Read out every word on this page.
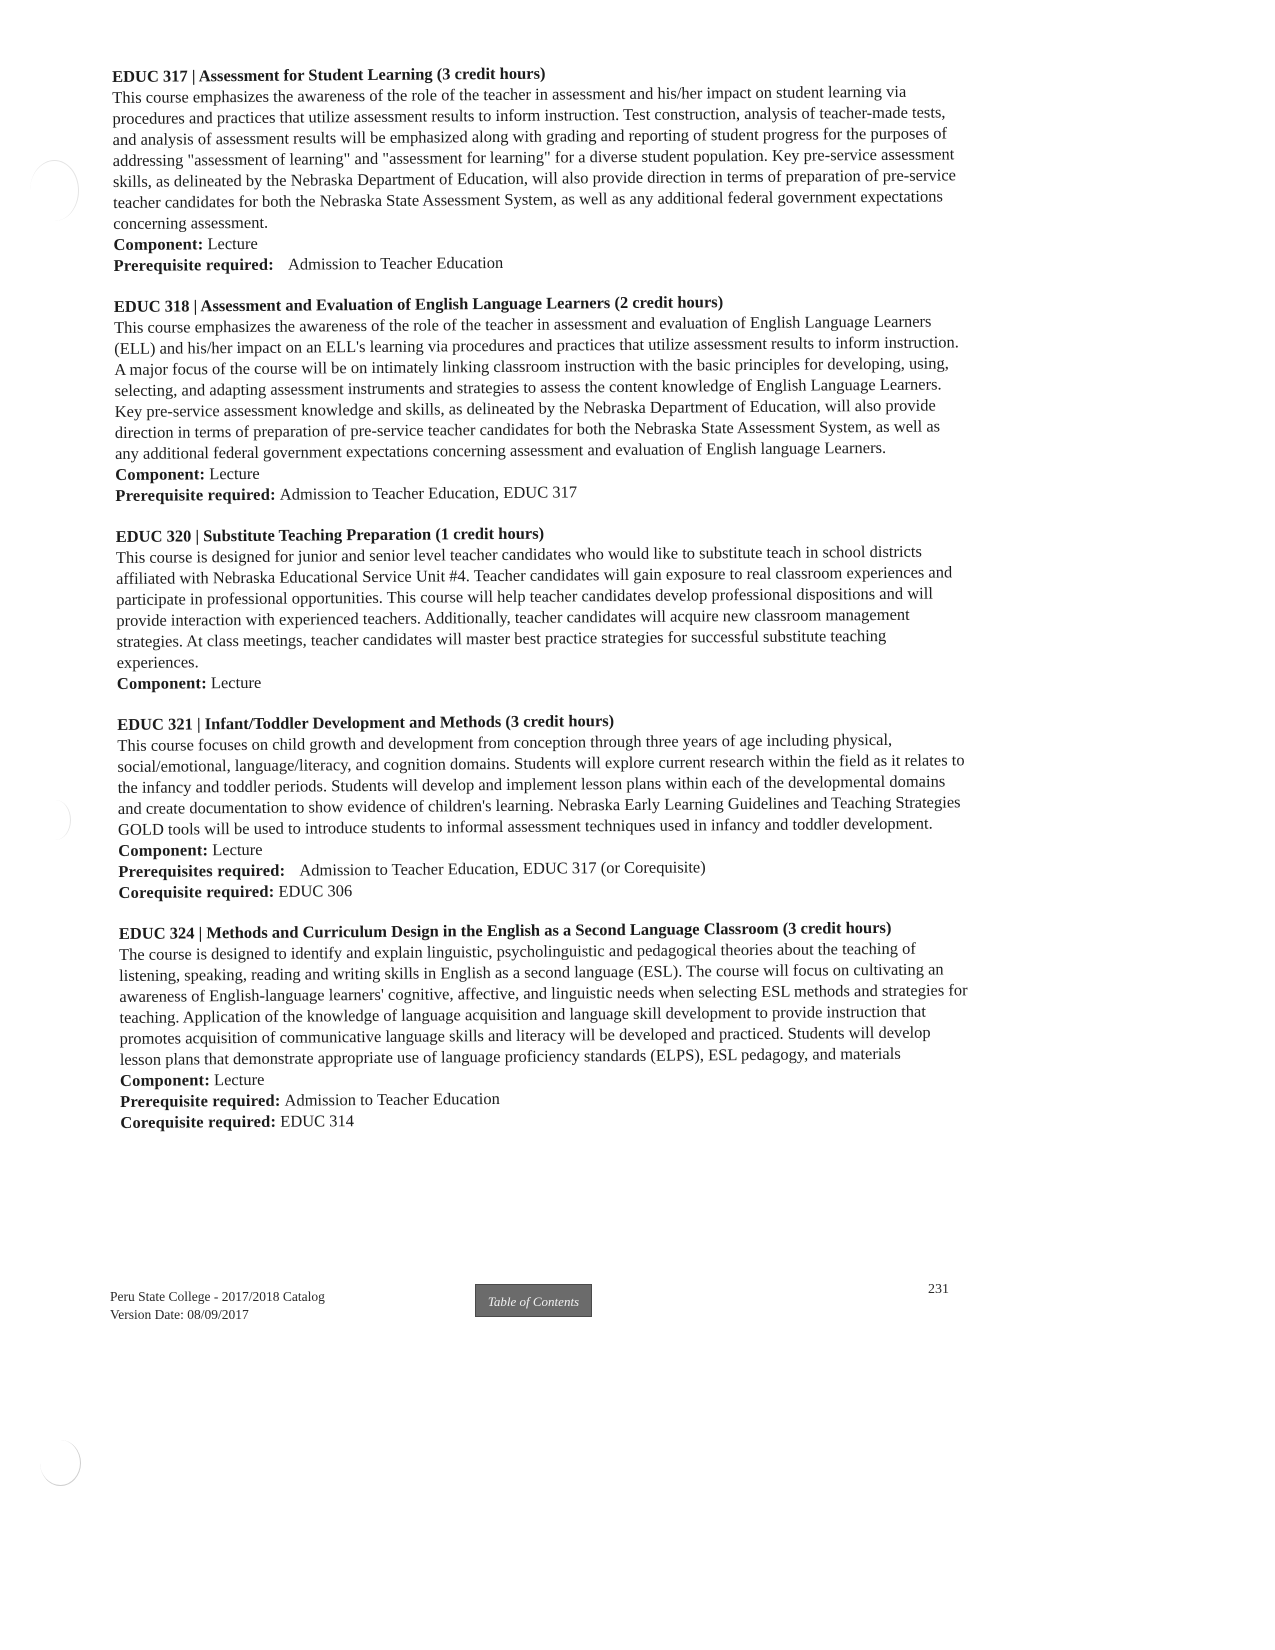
EDUC 317 | Assessment for Student Learning (3 credit hours)

This course emphasizes the awareness of the role of the teacher in assessment and his/her impact on student learning via procedures and practices that utilize assessment results to inform instruction. Test construction, analysis of teacher-made tests, and analysis of assessment results will be emphasized along with grading and reporting of student progress for the purposes of addressing "assessment of learning" and "assessment for learning" for a diverse student population. Key pre-service assessment skills, as delineated by the Nebraska Department of Education, will also provide direction in terms of preparation of pre-service teacher candidates for both the Nebraska State Assessment System, as well as any additional federal government expectations concerning assessment.

Component: Lecture

Prerequisite required: Admission to Teacher Education

EDUC 318 | Assessment and Evaluation of English Language Learners (2 credit hours)

This course emphasizes the awareness of the role of the teacher in assessment and evaluation of English Language Learners (ELL) and his/her impact on an ELL's learning via procedures and practices that utilize assessment results to inform instruction. A major focus of the course will be on intimately linking classroom instruction with the basic principles for developing, using, selecting, and adapting assessment instruments and strategies to assess the content knowledge of English Language Learners. Key pre-service assessment knowledge and skills, as delineated by the Nebraska Department of Education, will also provide direction in terms of preparation of pre-service teacher candidates for both the Nebraska State Assessment System, as well as any additional federal government expectations concerning assessment and evaluation of English language Learners.

Component: Lecture

Prerequisite required: Admission to Teacher Education, EDUC 317

EDUC 320 | Substitute Teaching Preparation (1 credit hours)

This course is designed for junior and senior level teacher candidates who would like to substitute teach in school districts affiliated with Nebraska Educational Service Unit #4. Teacher candidates will gain exposure to real classroom experiences and participate in professional opportunities. This course will help teacher candidates develop professional dispositions and will provide interaction with experienced teachers. Additionally, teacher candidates will acquire new classroom management strategies. At class meetings, teacher candidates will master best practice strategies for successful substitute teaching experiences.

Component: Lecture

EDUC 321 | Infant/Toddler Development and Methods (3 credit hours)

This course focuses on child growth and development from conception through three years of age including physical, social/emotional, language/literacy, and cognition domains. Students will explore current research within the field as it relates to the infancy and toddler periods. Students will develop and implement lesson plans within each of the developmental domains and create documentation to show evidence of children's learning. Nebraska Early Learning Guidelines and Teaching Strategies GOLD tools will be used to introduce students to informal assessment techniques used in infancy and toddler development.

Component: Lecture

Prerequisites required: Admission to Teacher Education, EDUC 317 (or Corequisite)

Corequisite required: EDUC 306

EDUC 324 | Methods and Curriculum Design in the English as a Second Language Classroom (3 credit hours)

The course is designed to identify and explain linguistic, psycholinguistic and pedagogical theories about the teaching of listening, speaking, reading and writing skills in English as a second language (ESL). The course will focus on cultivating an awareness of English-language learners' cognitive, affective, and linguistic needs when selecting ESL methods and strategies for teaching. Application of the knowledge of language acquisition and language skill development to provide instruction that promotes acquisition of communicative language skills and literacy will be developed and practiced. Students will develop lesson plans that demonstrate appropriate use of language proficiency standards (ELPS), ESL pedagogy, and materials

Component: Lecture

Prerequisite required: Admission to Teacher Education

Corequisite required: EDUC 314

Peru State College - 2017/2018 Catalog
Version Date: 08/09/2017
Table of Contents
231
